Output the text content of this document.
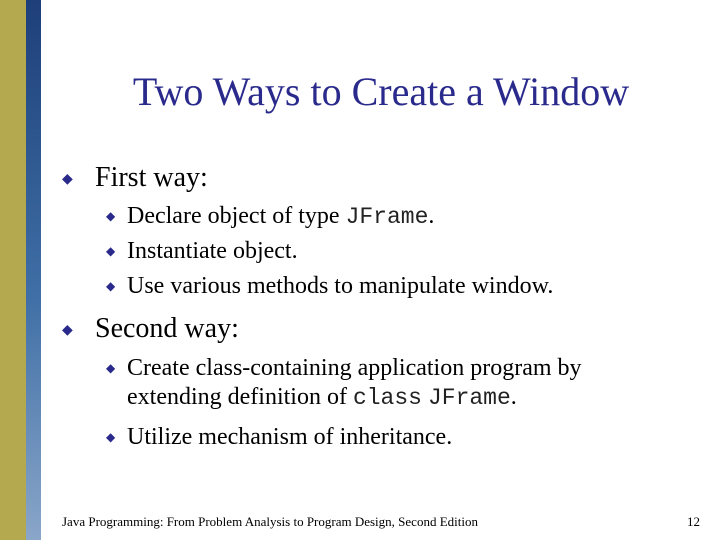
Two Ways to Create a Window
◆ First way:
◆ Declare object of type JFrame.
◆ Instantiate object.
◆ Use various methods to manipulate window.
◆ Second way:
◆ Create class-containing application program by
extending definition of class JFrame.
◆ Utilize mechanism of inheritance.
Java Programming: From Problem Analysis to Program Design, Second Edition	12
